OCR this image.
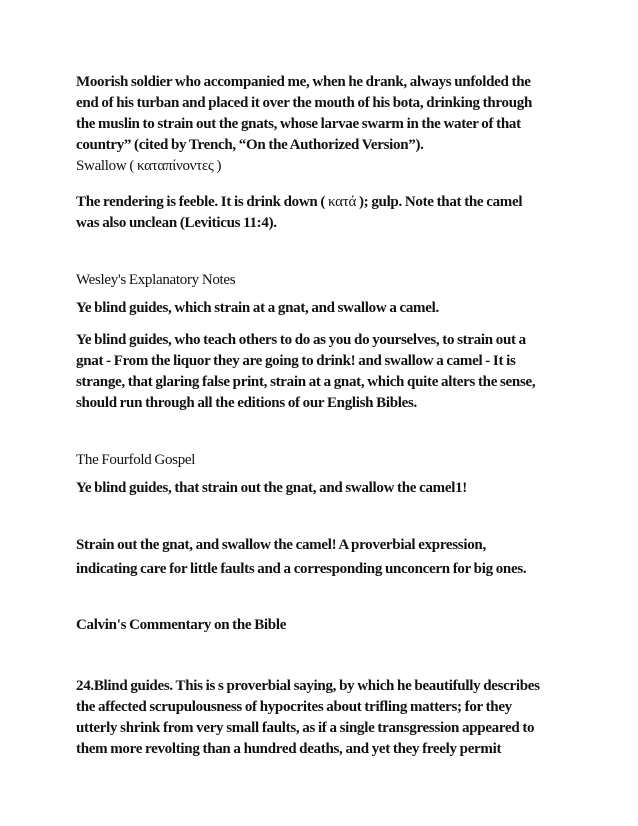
Moorish soldier who accompanied me, when he drank, always unfolded the
end of his turban and placed it over the mouth of his bota, drinking through
the muslin to strain out the gnats, whose larvae swarm in the water of that
country” (cited by Trench, “On the Authorized Version”).

Swallow ( καταπίνοντες )

The rendering is feeble. It is drink down ( κατά ); gulp. Note that the camel
was also unclean (Leviticus 11:4).

Wesley's Explanatory Notes

Ye blind guides, which strain at a gnat, and swallow a camel.

Ye blind guides, who teach others to do as you do yourselves, to strain out a
gnat - From the liquor they are going to drink! and swallow a camel - It is
strange, that glaring false print, strain at a gnat, which quite alters the sense,
should run through all the editions of our English Bibles.

The Fourfold Gospel

Ye blind guides, that strain out the gnat, and swallow the camel1!

Strain out the gnat, and swallow the camel! A proverbial expression,
indicating care for little faults and a corresponding unconcern for big ones.

Calvin's Commentary on the Bible

24.Blind guides. This is s proverbial saying, by which he beautifully describes
the affected scrupulousness of hypocrites about trifling matters; for they
utterly shrink from very small faults, as if a single transgression appeared to
them more revolting than a hundred deaths, and yet they freely permit
